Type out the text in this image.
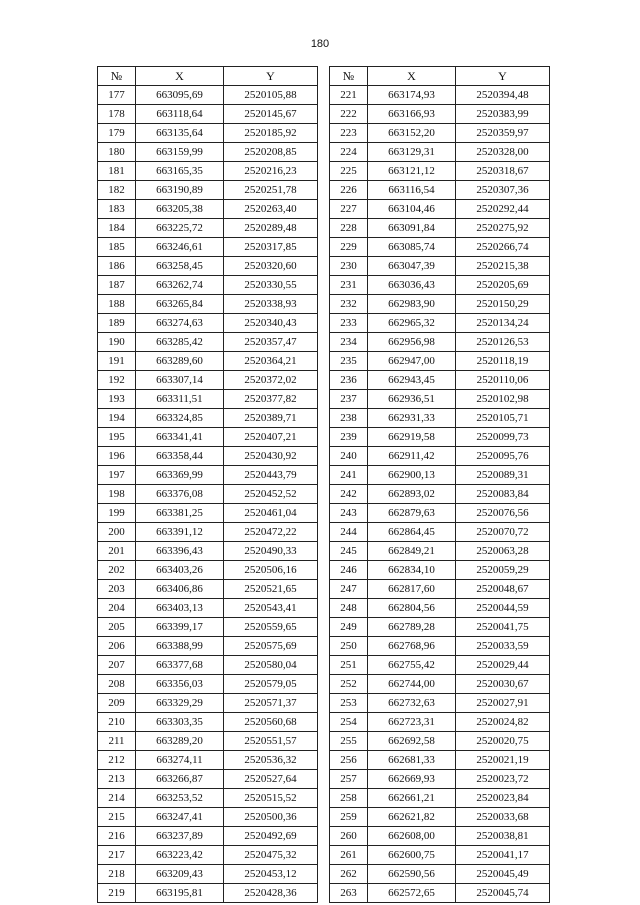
180
№	X	Y		№	X	Y
177	663095,69	2520105,88		221	663174,93	2520394,48
178	663118,64	2520145,67		222	663166,93	2520383,99
179	663135,64	2520185,92		223	663152,20	2520359,97
180	663159,99	2520208,85		224	663129,31	2520328,00
181	663165,35	2520216,23		225	663121,12	2520318,67
182	663190,89	2520251,78		226	663116,54	2520307,36
183	663205,38	2520263,40		227	663104,46	2520292,44
184	663225,72	2520289,48		228	663091,84	2520275,92
185	663246,61	2520317,85		229	663085,74	2520266,74
186	663258,45	2520320,60		230	663047,39	2520215,38
187	663262,74	2520330,55		231	663036,43	2520205,69
188	663265,84	2520338,93		232	662983,90	2520150,29
189	663274,63	2520340,43		233	662965,32	2520134,24
190	663285,42	2520357,47		234	662956,98	2520126,53
191	663289,60	2520364,21		235	662947,00	2520118,19
192	663307,14	2520372,02		236	662943,45	2520110,06
193	663311,51	2520377,82		237	662936,51	2520102,98
194	663324,85	2520389,71		238	662931,33	2520105,71
195	663341,41	2520407,21		239	662919,58	2520099,73
196	663358,44	2520430,92		240	662911,42	2520095,76
197	663369,99	2520443,79		241	662900,13	2520089,31
198	663376,08	2520452,52		242	662893,02	2520083,84
199	663381,25	2520461,04		243	662879,63	2520076,56
200	663391,12	2520472,22		244	662864,45	2520070,72
201	663396,43	2520490,33		245	662849,21	2520063,28
202	663403,26	2520506,16		246	662834,10	2520059,29
203	663406,86	2520521,65		247	662817,60	2520048,67
204	663403,13	2520543,41		248	662804,56	2520044,59
205	663399,17	2520559,65		249	662789,28	2520041,75
206	663388,99	2520575,69		250	662768,96	2520033,59
207	663377,68	2520580,04		251	662755,42	2520029,44
208	663356,03	2520579,05		252	662744,00	2520030,67
209	663329,29	2520571,37		253	662732,63	2520027,91
210	663303,35	2520560,68		254	662723,31	2520024,82
211	663289,20	2520551,57		255	662692,58	2520020,75
212	663274,11	2520536,32		256	662681,33	2520021,19
213	663266,87	2520527,64		257	662669,93	2520023,72
214	663253,52	2520515,52		258	662661,21	2520023,84
215	663247,41	2520500,36		259	662621,82	2520033,68
216	663237,89	2520492,69		260	662608,00	2520038,81
217	663223,42	2520475,32		261	662600,75	2520041,17
218	663209,43	2520453,12		262	662590,56	2520045,49
219	663195,81	2520428,36		263	662572,65	2520045,74
